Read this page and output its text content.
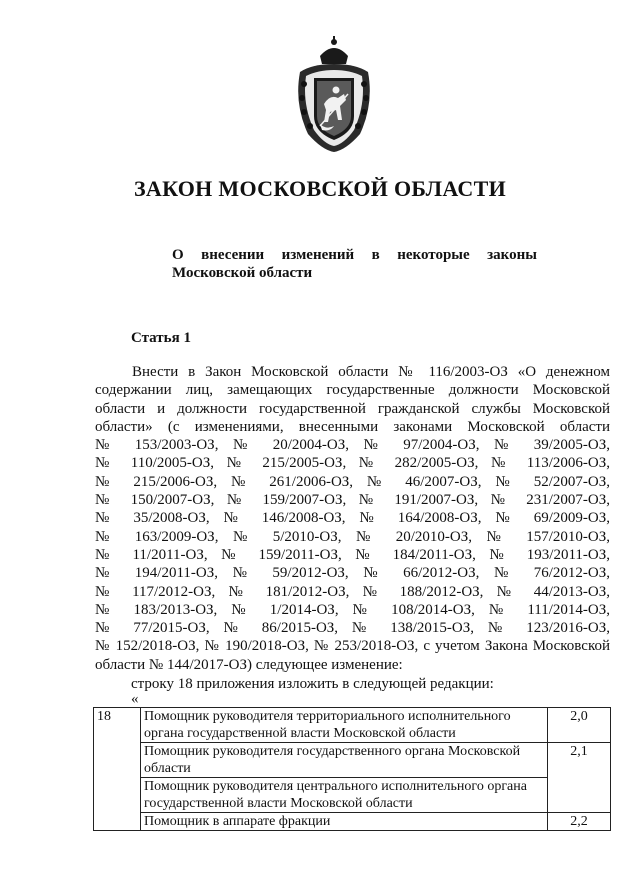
ЗАКОН МОСКОВСКОЙ ОБЛАСТИ
О внесении изменений в некоторые законы
Московской области
Статья 1

Внести в Закон Московской области № 116/2003-ОЗ «О денежном

содержании лиц, замещающих государственные должности Московской
области и должности государственной гражданской службы Московской
области» (с изменениями, внесенными законами Московской области
№ 153/2003-ОЗ, № 20/2004-ОЗ, № 97/2004-ОЗ, № 39/2005-ОЗ,
№ 110/2005-ОЗ, № 215/2005-ОЗ, № 282/2005-ОЗ, № 113/2006-ОЗ,
№ 215/2006-ОЗ, № 261/2006-ОЗ, № 46/2007-ОЗ, № 52/2007-ОЗ,
№ 150/2007-ОЗ, № 159/2007-ОЗ, № 191/2007-ОЗ, № 231/2007-ОЗ,
№ 35/2008-ОЗ, № 146/2008-ОЗ, № 164/2008-ОЗ, № 69/2009-ОЗ,
№ 163/2009-ОЗ, № 5/2010-ОЗ, № 20/2010-ОЗ, № 157/2010-ОЗ,
№ 11/2011-ОЗ, № 159/2011-ОЗ, № 184/2011-ОЗ, № 193/2011-ОЗ,
№ 194/2011-ОЗ, № 59/2012-ОЗ, № 66/2012-ОЗ, № 76/2012-ОЗ,
№ 117/2012-ОЗ, № 181/2012-ОЗ, № 188/2012-ОЗ, № 44/2013-ОЗ,
№ 183/2013-ОЗ, № 1/2014-ОЗ, № 108/2014-ОЗ, № 111/2014-ОЗ,
№ 77/2015-ОЗ, № 86/2015-ОЗ, № 138/2015-ОЗ, № 123/2016-ОЗ,
№ 152/2018-ОЗ, № 190/2018-ОЗ, № 253/2018-ОЗ, с учетом Закона Московской
области № 144/2017-ОЗ) следующее изменение:

строку 18 приложения изложить в следующей редакции:
«
18	Помощник руководителя территориального исполнительного органа государственной власти Московской области	2,0
	Помощник руководителя государственного органа Московской области	2,1
	Помощник руководителя центрального исполнительного органа государственной власти Московской области	
	Помощник в аппарате фракции	2,2
